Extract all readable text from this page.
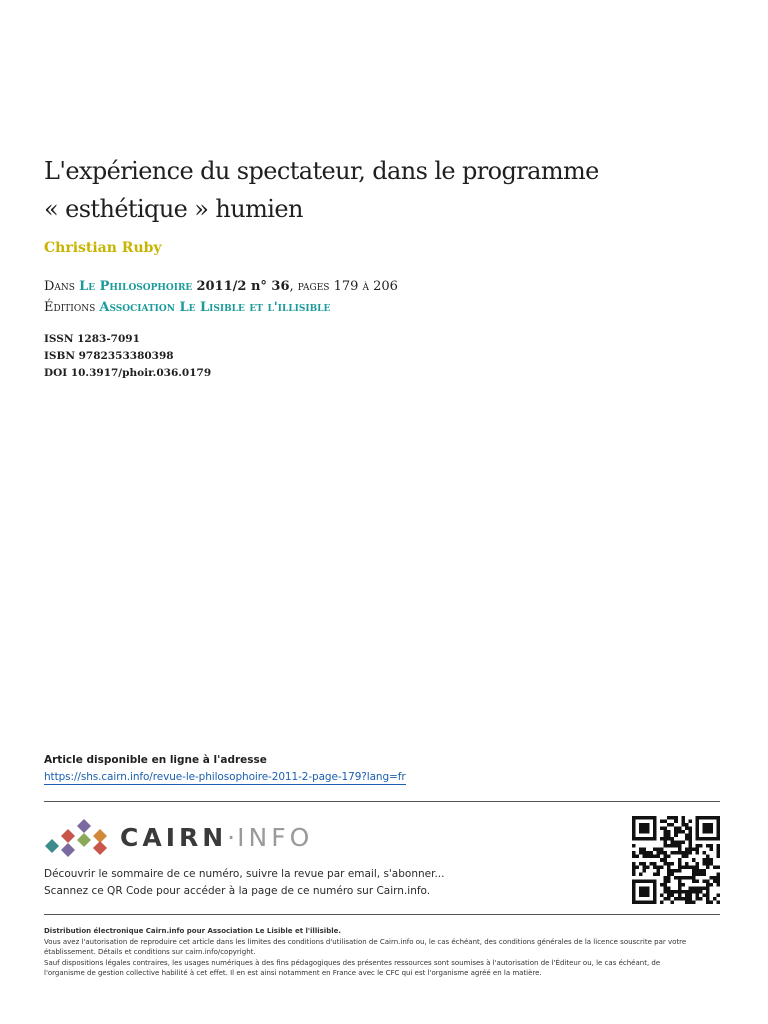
L'expérience du spectateur, dans le programme
« esthétique » humien
Christian Ruby
Dans Le Philosophoire 2011/2 n° 36, pages 179 à 206
Éditions Association Le Lisible et l'illisible
ISSN 1283-7091
ISBN 9782353380398
DOI 10.3917/phoir.036.0179
Article disponible en ligne à l'adresse
https://shs.cairn.info/revue-le-philosophoire-2011-2-page-179?lang=fr
CAIRN·INFO
Découvrir le sommaire de ce numéro, suivre la revue par email, s'abonner...
Scannez ce QR Code pour accéder à la page de ce numéro sur Cairn.info.
Distribution électronique Cairn.info pour Association Le Lisible et l'illisible.
Vous avez l'autorisation de reproduire cet article dans les limites des conditions d'utilisation de Cairn.info ou, le cas échéant, des conditions générales de la licence souscrite par votre
établissement. Détails et conditions sur cairn.info/copyright.
Sauf dispositions légales contraires, les usages numériques à des fins pédagogiques des présentes ressources sont soumises à l'autorisation de l'Éditeur ou, le cas échéant, de
l'organisme de gestion collective habilité à cet effet. Il en est ainsi notamment en France avec le CFC qui est l'organisme agréé en la matière.
